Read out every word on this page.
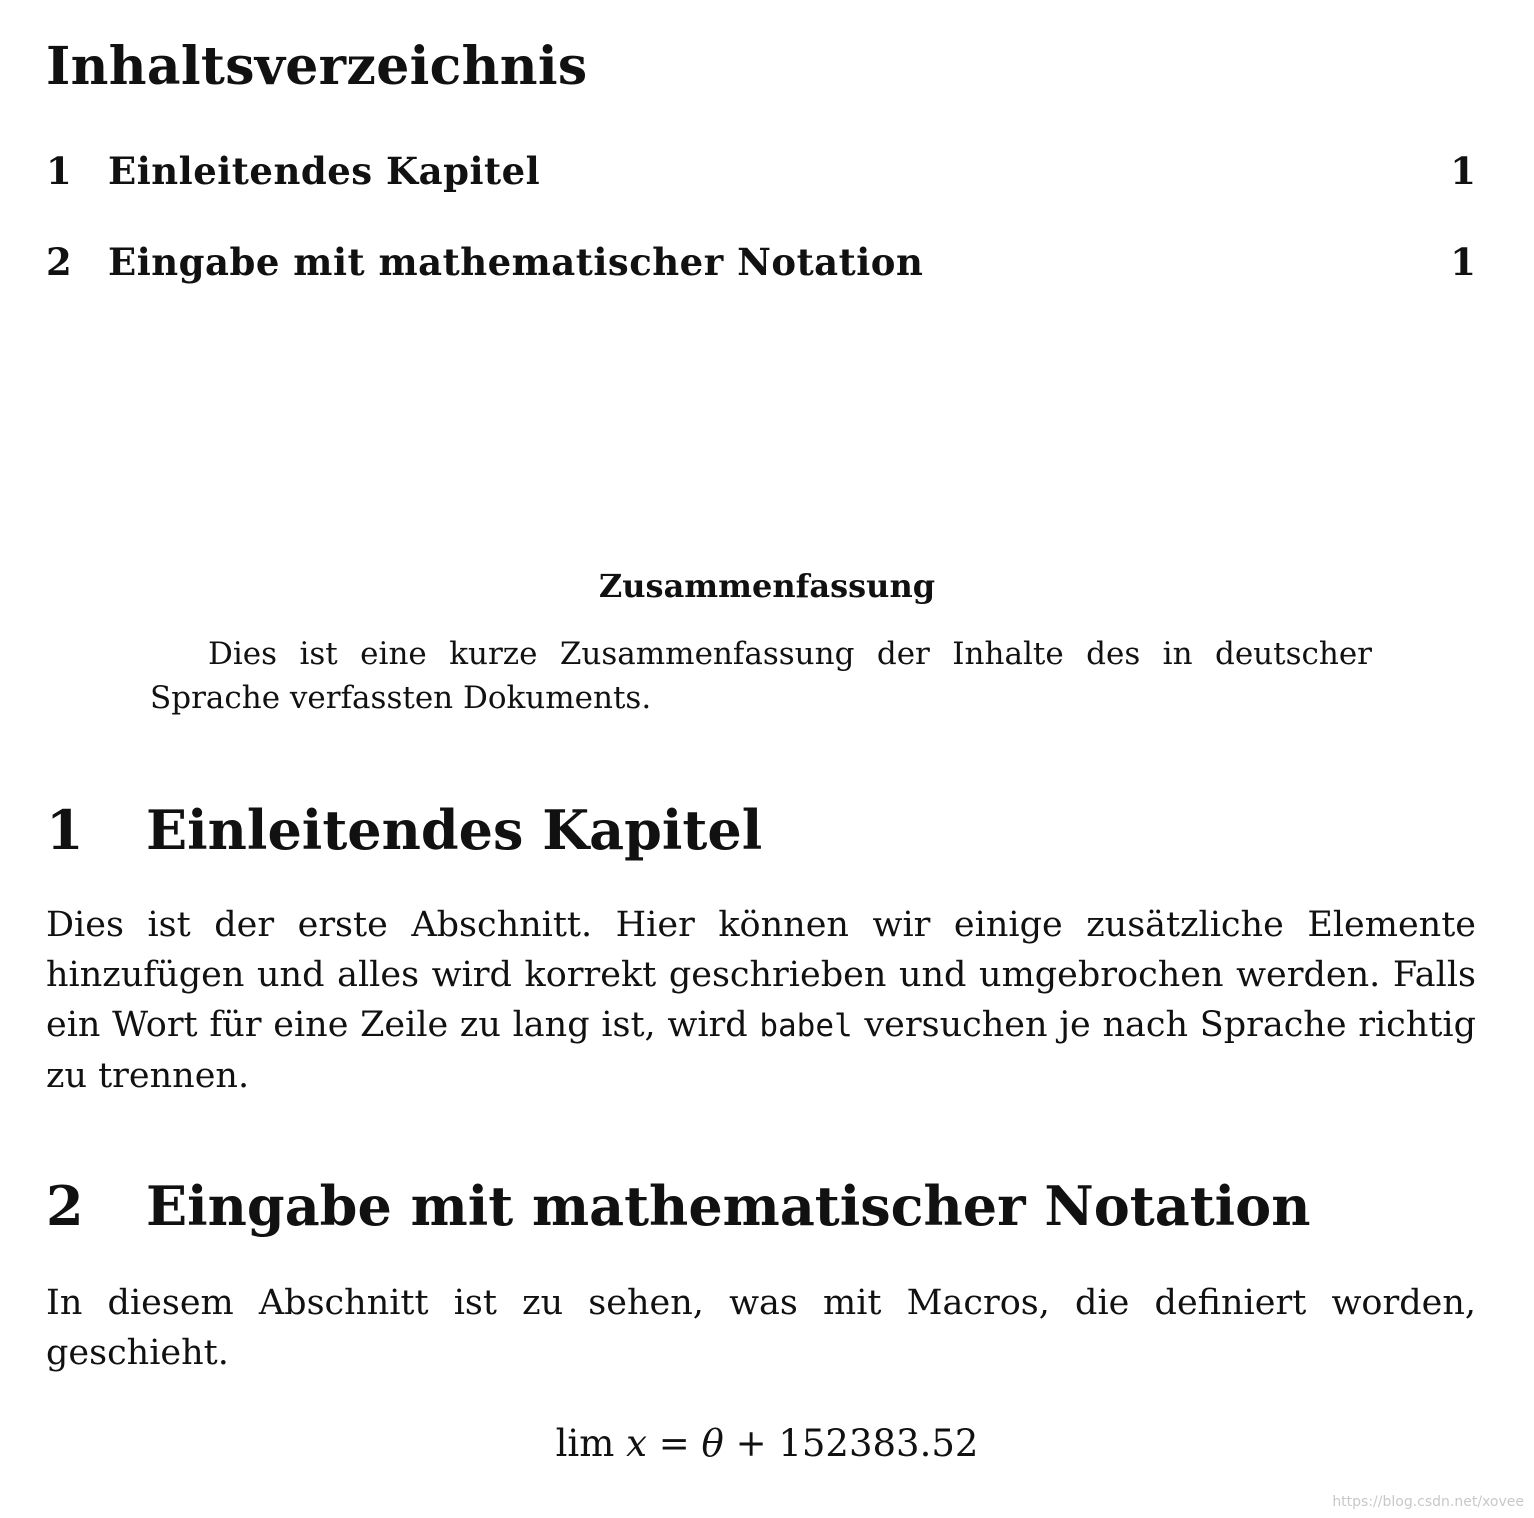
Inhaltsverzeichnis
1 Einleitendes Kapitel	1
2 Eingabe mit mathematischer Notation	1
Zusammenfassung

Dies ist eine kurze Zusammenfassung der Inhalte des in deutscher Sprache verfassten Dokuments.

1	Einleitendes Kapitel

Dies ist der erste Abschnitt. Hier können wir einige zusätzliche Elemente hinzufügen und alles wird korrekt geschrieben und umgebrochen werden. Falls ein Wort für eine Zeile zu lang ist, wird babel versuchen je nach Sprache richtig zu trennen.

2	Eingabe mit mathematischer Notation

In diesem Abschnitt ist zu sehen, was mit Macros, die definiert worden, geschieht.

lim x = θ + 152383.52
https://blog.csdn.net/xovee
